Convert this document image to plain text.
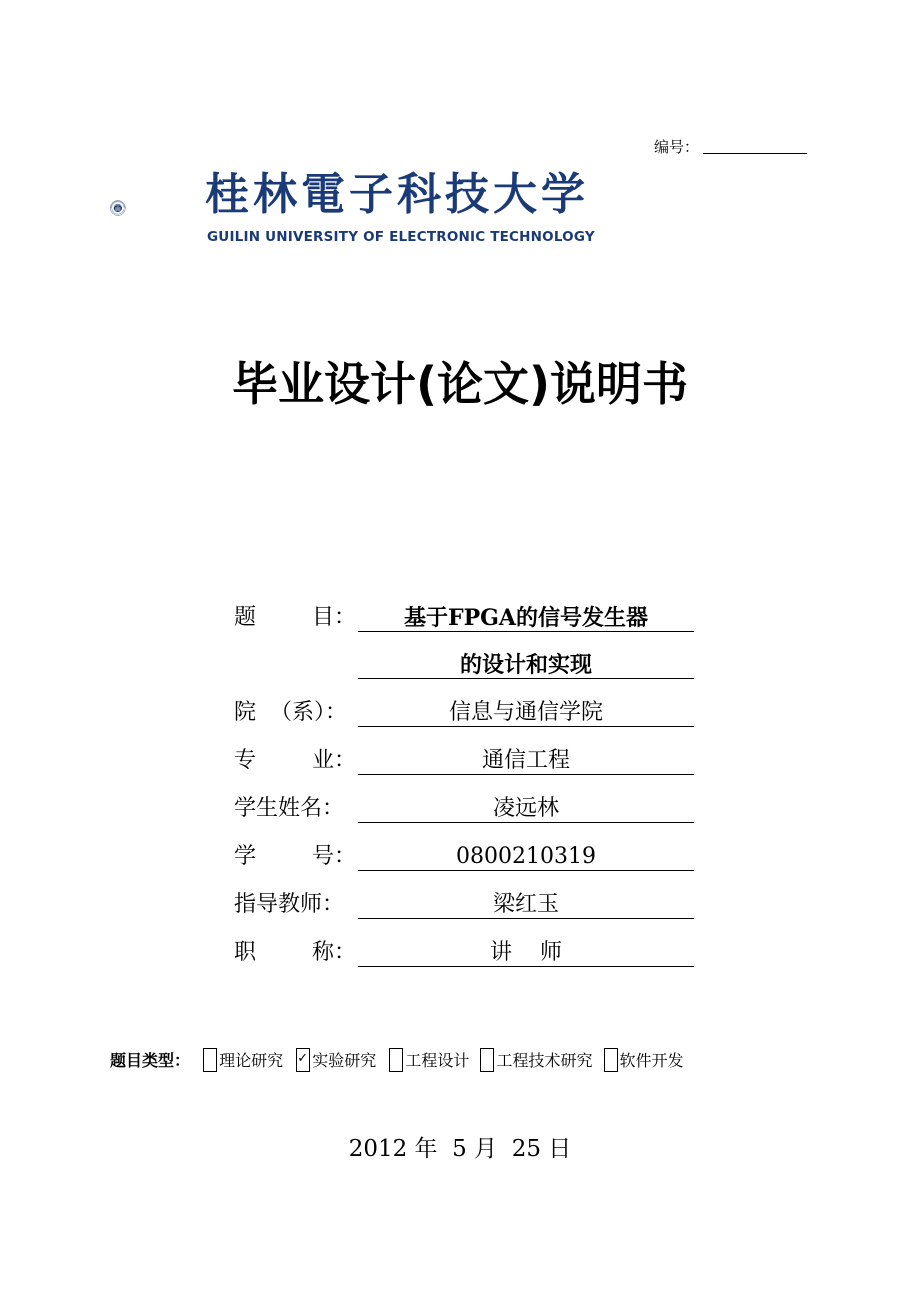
编号：
桂林電子科技大学
GUILIN UNIVERSITY OF ELECTRONIC TECHNOLOGY
毕业设计(论文)说明书
题        目：	基于FPGA的信号发生器
的设计和实现
院  （系）：	信息与通信学院
专        业：	通信工程
学生姓名：	凌远林
学        号：	0800210319
指导教师：	梁红玉
职        称：	讲    师
题目类型： 理论研究 ✓ 实验研究 工程设计 工程技术研究 软件开发
2012 年  5 月  25 日
